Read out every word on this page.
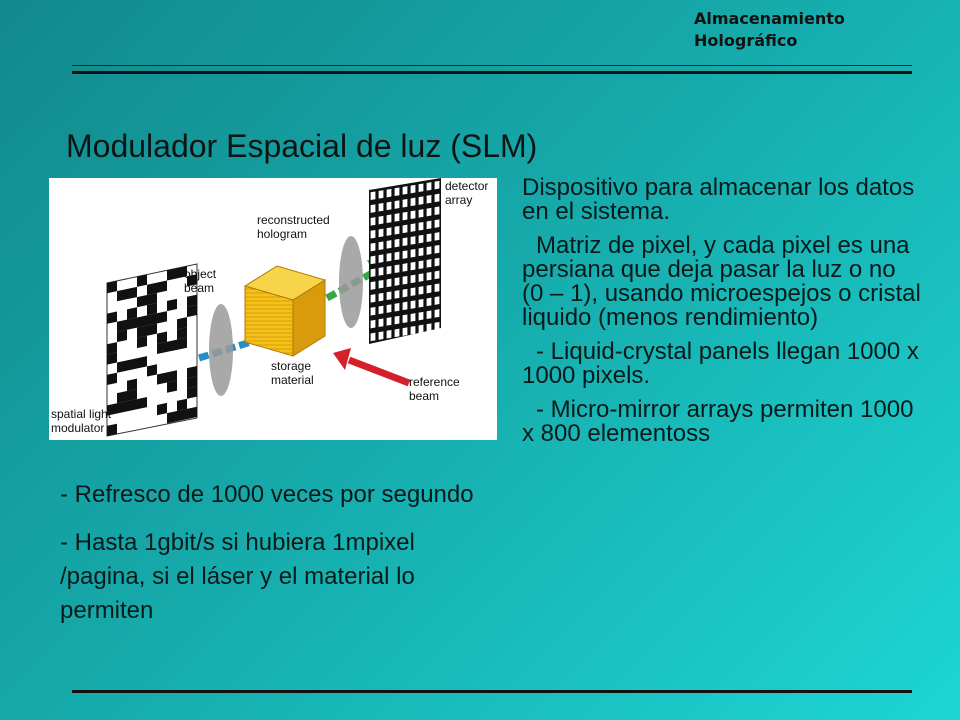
Almacenamiento
Holográfico
Modulador Espacial de luz (SLM)
detector
array
reconstructed
hologram
object
beam
storage
material	reference
beam
spatial light
modulator

Dispositivo para almacenar los datos en el sistema.

Matriz de pixel, y cada pixel es una persiana que deja pasar la luz o no (0 – 1), usando microespejos o cristal liquido (menos rendimiento)

- Liquid-crystal panels llegan 1000 x 1000 pixels.

- Micro-mirror arrays permiten 1000 x 800 elementoss

- Refresco de 1000 veces por segundo

- Hasta 1gbit/s si hubiera 1mpixel /pagina, si el láser y el material lo permiten
